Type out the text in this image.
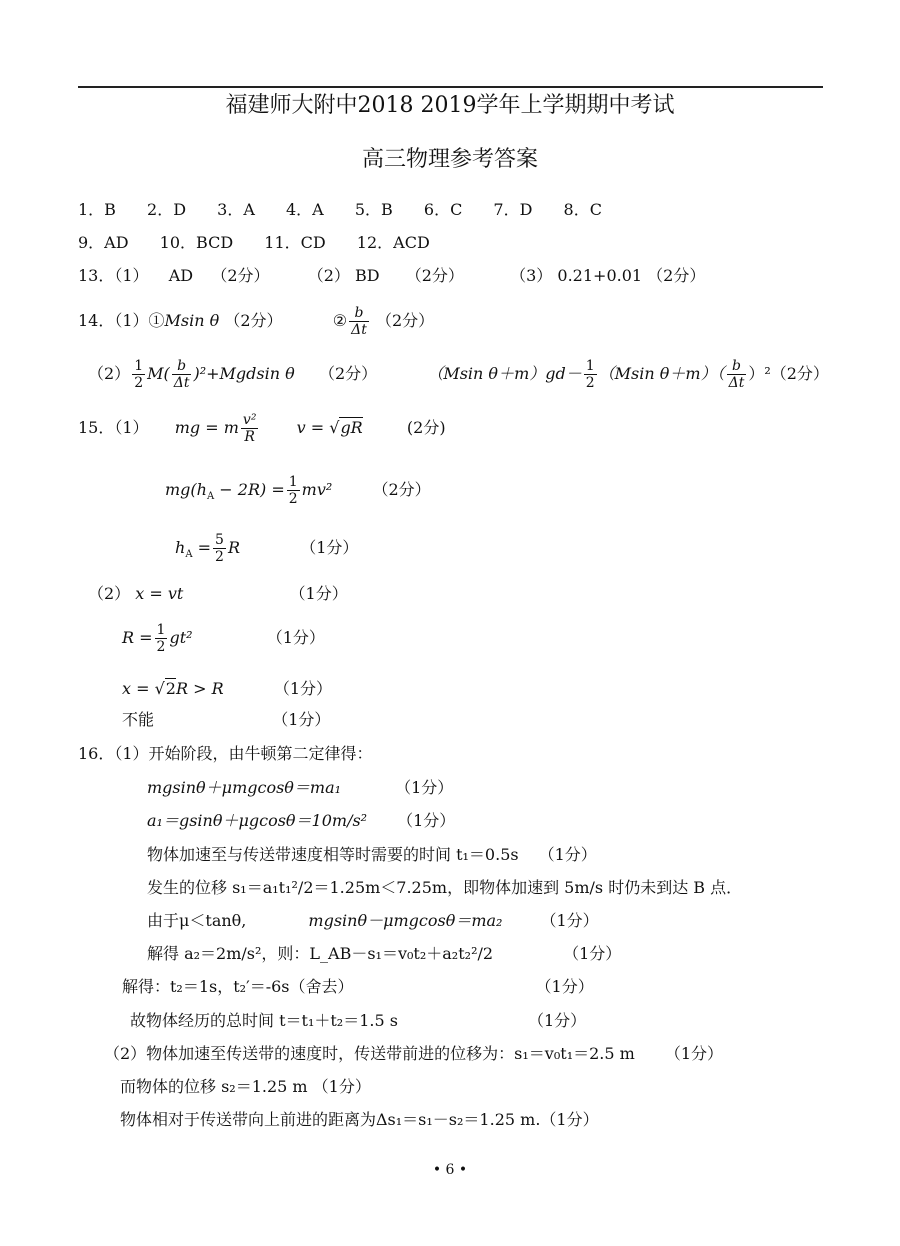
福建师大附中2018 2019学年上学期期中考试
高三物理参考答案
1．B 2．D 3．A 4．A 5．B 6．C 7．D 8．C
9．AD 10．BCD 11．CD 12．ACD
13．（1） AD （2分） （2） BD （2分）	（3） 0.21+0.01 （2分）
14．（1）①Msin θ （2分）	② $\frac{b}{\Delta t} (2$分）
$(2) \frac{1}{2} M( \frac{b}{\Delta t} )^2+Mgdsin$ θ （2分）	（Msin $\theta+m)gd- \frac{1}{2} (Msin$ $\theta+m)( \frac{b}{\Delta t} )^2(2$分）
15．（1） mg = m $\frac{\text{v²}}{R}$ v = √gR	(2分)
$mg(h_A - 2R) = \frac{1}{2} mv^2$	（2分）
$h_A = \frac{5}{2}$ R	（1分）
（2） x = vt	（1分）
$R = \frac{1}{2} gt^2$	（1分）
x = √2R > R	（1分）
不能	（1分）
16．（1）开始阶段，由牛顿第二定律得：
mgsinθ＋μmgcosθ＝ma₁	（1分）
a₁＝gsinθ＋μgcosθ＝10m/s² （1分）
物体加速至与传送带速度相等时需要的时间 t₁＝0.5s （1分）
发生的位移 s₁＝a₁t₁²/2＝1.25m＜7.25m，即物体加速到 5m/s 时仍未到达 B 点．
由于μ＜tanθ,	mgsinθ－μmgcosθ＝ma₂ （1分）
解得 a₂＝2m/s²，则：L_AB－s₁＝v₀t₂＋a₂t₂²/2	（1分）
解得：t₂＝1s，t₂′＝-6s（舍去）	（1分）
故物体经历的总时间 t＝t₁＋t₂＝1.5 s	（1分）
（2）物体加速至传送带的速度时，传送带前进的位移为：s₁＝v₀t₁＝2.5 m （1分）
而物体的位移 s₂＝1.25 m （1分）
物体相对于传送带向上前进的距离为Δs₁＝s₁－s₂＝1.25 m.（1分）
• 6 •
